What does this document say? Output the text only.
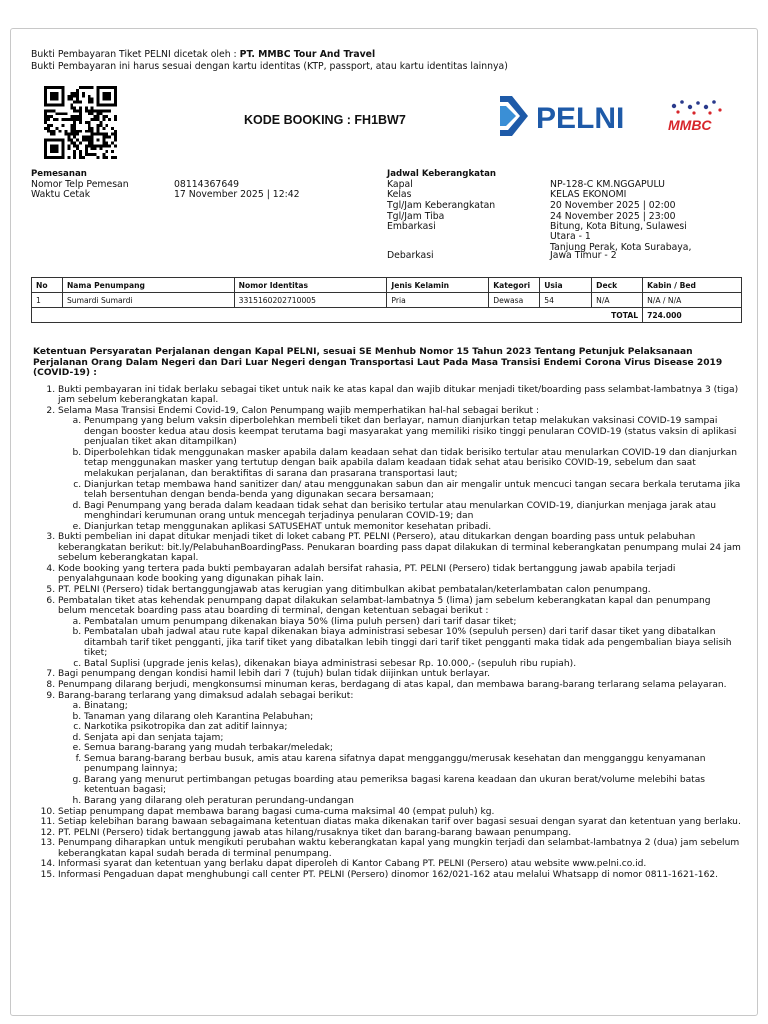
Bukti Pembayaran Tiket PELNI dicetak oleh : PT. MMBC Tour And Travel
Bukti Pembayaran ini harus sesuai dengan kartu identitas (KTP, passport, atau kartu identitas lainnya)
KODE BOOKING : FH1BW7	PELNI	MMBC
Pemesanan
Nomor Telp Pemesan	08114367649
Waktu Cetak	17 November 2025 | 12:42
Jadwal Keberangkatan
Kapal	NP-128-C KM.NGGAPULU
Kelas	KELAS EKONOMI
Tgl/Jam Keberangkatan	20 November 2025 | 02:00
Tgl/Jam Tiba	24 November 2025 | 23:00
Embarkasi	Bitung, Kota Bitung, Sulawesi
Utara - 1
Debarkasi
Tanjung Perak, Kota Surabaya,
Jawa Timur - 2
No	Nama Penumpang	Nomor Identitas	Jenis Kelamin	Kategori	Usia	Deck	Kabin / Bed
1	Sumardi Sumardi	3315160202710005	Pria	Dewasa	54	N/A	N/A / N/A
						TOTAL	724.000
Ketentuan Persyaratan Perjalanan dengan Kapal PELNI, sesuai SE Menhub Nomor 15 Tahun 2023 Tentang Petunjuk Pelaksanaan Perjalanan Orang Dalam Negeri dan Dari Luar Negeri dengan Transportasi Laut Pada Masa Transisi Endemi Corona Virus Disease 2019 (COVID-19) :
1. Bukti pembayaran ini tidak berlaku sebagai tiket untuk naik ke atas kapal dan wajib ditukar menjadi tiket/boarding pass selambat-lambatnya 3 (tiga) jam sebelum keberangkatan kapal.
2. Selama Masa Transisi Endemi Covid-19, Calon Penumpang wajib memperhatikan hal-hal sebagai berikut :
a. Penumpang yang belum vaksin diperbolehkan membeli tiket dan berlayar, namun dianjurkan tetap melakukan vaksinasi COVID-19 sampai dengan booster kedua atau dosis keempat terutama bagi masyarakat yang memiliki risiko tinggi penularan COVID-19 (status vaksin di aplikasi penjualan tiket akan ditampilkan)
b. Diperbolehkan tidak menggunakan masker apabila dalam keadaan sehat dan tidak berisiko tertular atau menularkan COVID-19 dan dianjurkan tetap menggunakan masker yang tertutup dengan baik apabila dalam keadaan tidak sehat atau berisiko COVID-19, sebelum dan saat melakukan perjalanan, dan beraktifitas di sarana dan prasarana transportasi laut;
c. Dianjurkan tetap membawa hand sanitizer dan/ atau menggunakan sabun dan air mengalir untuk mencuci tangan secara berkala terutama jika telah bersentuhan dengan benda-benda yang digunakan secara bersamaan;
d. Bagi Penumpang yang berada dalam keadaan tidak sehat dan berisiko tertular atau menularkan COVID-19, dianjurkan menjaga jarak atau menghindari kerumunan orang untuk mencegah terjadinya penularan COVID-19; dan
e. Dianjurkan tetap menggunakan aplikasi SATUSEHAT untuk memonitor kesehatan pribadi.
3. Bukti pembelian ini dapat ditukar menjadi tiket di loket cabang PT. PELNI (Persero), atau ditukarkan dengan boarding pass untuk pelabuhan keberangkatan berikut: bit.ly/PelabuhanBoardingPass. Penukaran boarding pass dapat dilakukan di terminal keberangkatan penumpang mulai 24 jam sebelum keberangkatan kapal.
4. Kode booking yang tertera pada bukti pembayaran adalah bersifat rahasia, PT. PELNI (Persero) tidak bertanggung jawab apabila terjadi penyalahgunaan kode booking yang digunakan pihak lain.
5. PT. PELNI (Persero) tidak bertanggungjawab atas kerugian yang ditimbulkan akibat pembatalan/keterlambatan calon penumpang.
6. Pembatalan tiket atas kehendak penumpang dapat dilakukan selambat-lambatnya 5 (lima) jam sebelum keberangkatan kapal dan penumpang belum mencetak boarding pass atau boarding di terminal, dengan ketentuan sebagai berikut :
a. Pembatalan umum penumpang dikenakan biaya 50% (lima puluh persen) dari tarif dasar tiket;
b. Pembatalan ubah jadwal atau rute kapal dikenakan biaya administrasi sebesar 10% (sepuluh persen) dari tarif dasar tiket yang dibatalkan ditambah tarif tiket pengganti, jika tarif tiket yang dibatalkan lebih tinggi dari tarif tiket pengganti maka tidak ada pengembalian biaya selisih tiket;
c. Batal Suplisi (upgrade jenis kelas), dikenakan biaya administrasi sebesar Rp. 10.000,- (sepuluh ribu rupiah).
7. Bagi penumpang dengan kondisi hamil lebih dari 7 (tujuh) bulan tidak diijinkan untuk berlayar.
8. Penumpang dilarang berjudi, mengkonsumsi minuman keras, berdagang di atas kapal, dan membawa barang-barang terlarang selama pelayaran.
9. Barang-barang terlarang yang dimaksud adalah sebagai berikut:
a. Binatang;
b. Tanaman yang dilarang oleh Karantina Pelabuhan;
c. Narkotika psikotropika dan zat aditif lainnya;
d. Senjata api dan senjata tajam;
e. Semua barang-barang yang mudah terbakar/meledak;
f. Semua barang-barang berbau busuk, amis atau karena sifatnya dapat mengganggu/merusak kesehatan dan mengganggu kenyamanan penumpang lainnya;
g. Barang yang menurut pertimbangan petugas boarding atau pemeriksa bagasi karena keadaan dan ukuran berat/volume melebihi batas ketentuan bagasi;
h. Barang yang dilarang oleh peraturan perundang-undangan
10. Setiap penumpang dapat membawa barang bagasi cuma-cuma maksimal 40 (empat puluh) kg.
11. Setiap kelebihan barang bawaan sebagaimana ketentuan diatas maka dikenakan tarif over bagasi sesuai dengan syarat dan ketentuan yang berlaku.
12. PT. PELNI (Persero) tidak bertanggung jawab atas hilang/rusaknya tiket dan barang-barang bawaan penumpang.
13. Penumpang diharapkan untuk mengikuti perubahan waktu keberangkatan kapal yang mungkin terjadi dan selambat-lambatnya 2 (dua) jam sebelum keberangkatan kapal sudah berada di terminal penumpang.
14. Informasi syarat dan ketentuan yang berlaku dapat diperoleh di Kantor Cabang PT. PELNI (Persero) atau website www.pelni.co.id.
15. Informasi Pengaduan dapat menghubungi call center PT. PELNI (Persero) dinomor 162/021-162 atau melalui Whatsapp di nomor 0811-1621-162.
